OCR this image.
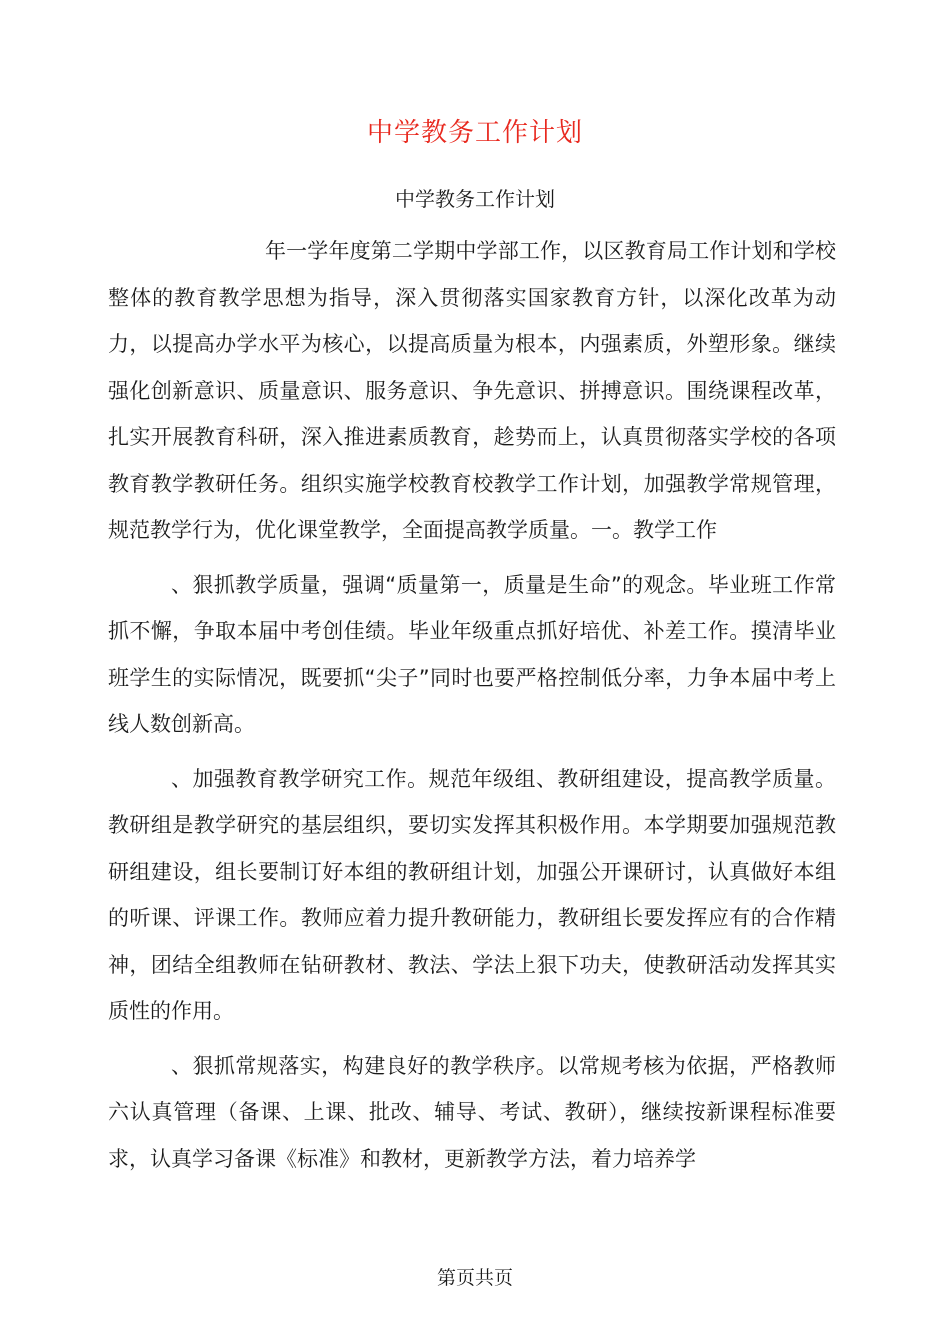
中学教务工作计划

中学教务工作计划

年一学年度第二学期中学部工作，以区教育局工作计划和学校整体的教育教学思想为指导，深入贯彻落实国家教育方针，以深化改革为动力，以提高办学水平为核心，以提高质量为根本，内强素质，外塑形象。继续强化创新意识、质量意识、服务意识、争先意识、拼搏意识。围绕课程改革，扎实开展教育科研，深入推进素质教育，趁势而上，认真贯彻落实学校的各项教育教学教研任务。组织实施学校教育校教学工作计划，加强教学常规管理，规范教学行为，优化课堂教学，全面提高教学质量。一。教学工作

、狠抓教学质量，强调“质量第一，质量是生命”的观念。毕业班工作常抓不懈，争取本届中考创佳绩。毕业年级重点抓好培优、补差工作。摸清毕业班学生的实际情况，既要抓“尖子”同时也要严格控制低分率，力争本届中考上线人数创新高。

、加强教育教学研究工作。规范年级组、教研组建设，提高教学质量。教研组是教学研究的基层组织，要切实发挥其积极作用。本学期要加强规范教研组建设，组长要制订好本组的教研组计划，加强公开课研讨，认真做好本组的听课、评课工作。教师应着力提升教研能力，教研组长要发挥应有的合作精神，团结全组教师在钻研教材、教法、学法上狠下功夫，使教研活动发挥其实质性的作用。

、狠抓常规落实，构建良好的教学秩序。以常规考核为依据，严格教师六认真管理（备课、上课、批改、辅导、考试、教研），继续按新课程标准要求，认真学习备课《标准》和教材，更新教学方法，着力培养学

第页共页
